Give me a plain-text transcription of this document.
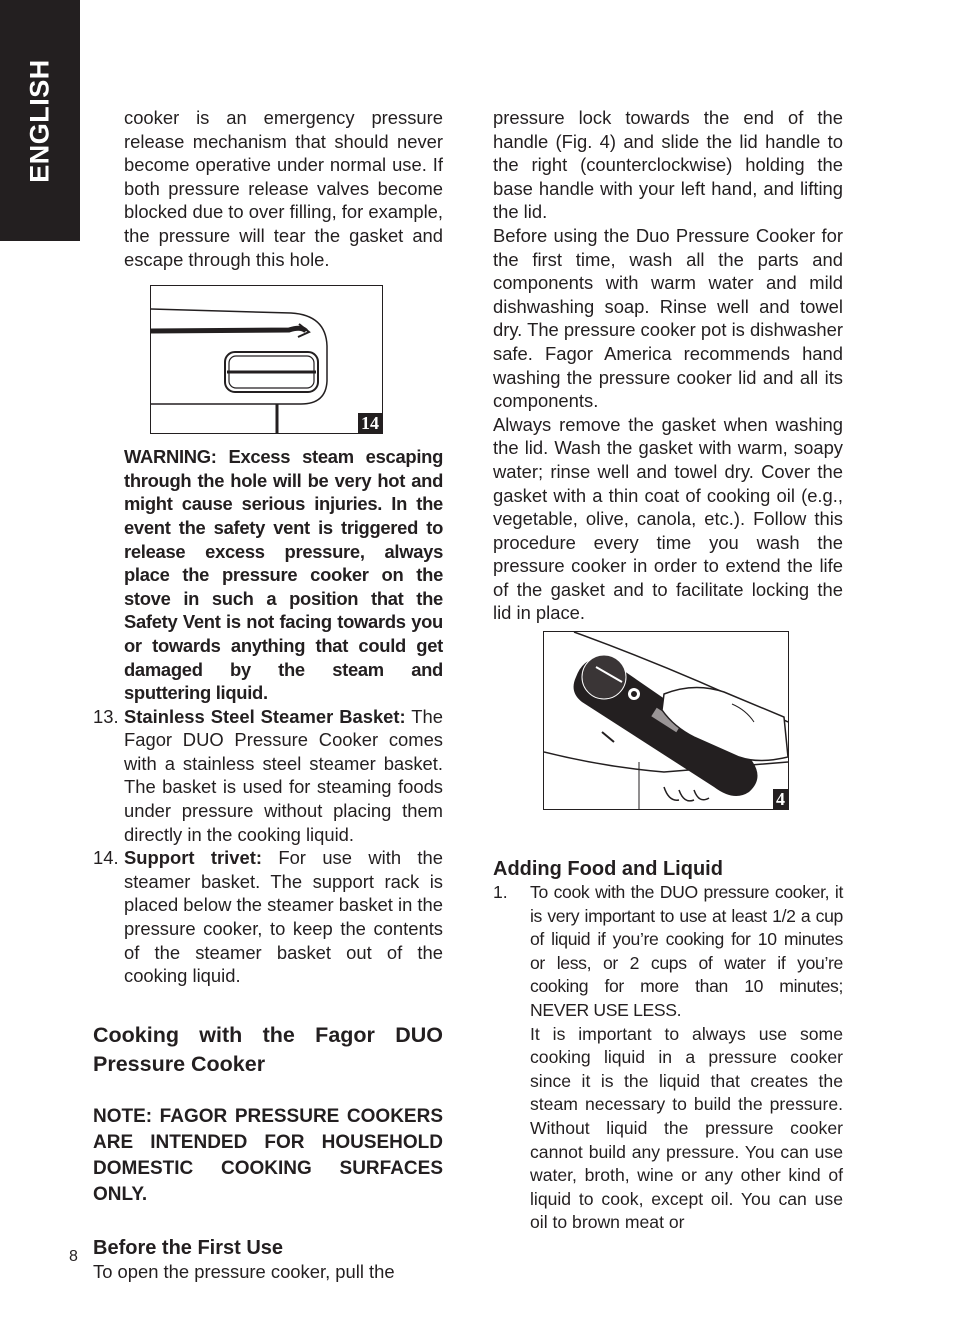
ENGLISH
8

cooker is an emergency pressure release mechanism that should never become operative under normal use. If both pressure release valves become blocked due to over filling, for example, the pressure will tear the gasket and escape through this hole.

14

WARNING: Excess steam escaping through the hole will be very hot and might cause serious injuries. In the event the safety vent is triggered to release excess pressure, always place the pressure cooker on the stove in such a position that the Safety Vent is not facing towards you or towards anything that could get damaged by the steam and sputtering liquid.

13. Stainless Steel Steamer Basket: The Fagor DUO Pressure Cooker comes with a stainless steel steamer basket. The basket is used for steaming foods under pressure without placing them directly in the cooking liquid.
14. Support trivet: For use with the steamer basket. The support rack is placed below the steamer basket in the pressure cooker, to keep the contents of the steamer basket out of the cooking liquid.
Cooking with the Fagor DUO Pressure Cooker

NOTE: FAGOR PRESSURE COOKERS ARE INTENDED FOR HOUSEHOLD DOMESTIC COOKING SURFACES ONLY.

Before the First Use

To open the pressure cooker, pull the

pressure lock towards the end of the handle (Fig. 4) and slide the lid handle to the right (counterclockwise) holding the base handle with your left hand, and lifting the lid.

Before using the Duo Pressure Cooker for the first time, wash all the parts and components with warm water and mild dishwashing soap. Rinse well and towel dry. The pressure cooker pot is dishwasher safe. Fagor America recommends hand washing the pressure cooker lid and all its components.

Always remove the gasket when washing the lid. Wash the gasket with warm, soapy water; rinse well and towel dry. Cover the gasket with a thin coat of cooking oil (e.g., vegetable, olive, canola, etc.). Follow this procedure every time you wash the pressure cooker in order to extend the life of the gasket and to facilitate locking the lid in place.

4
Adding Food and Liquid
1.	To cook with the DUO pressure cooker, it is very important to use at least 1/2 a cup of liquid if you’re cooking for 10 minutes or less, or 2 cups of water if you’re cooking for more than 10 minutes; NEVER USE LESS.
It is important to always use some cooking liquid in a pressure cooker since it is the liquid that creates the steam necessary to build the pressure. Without liquid the pressure cooker cannot build any pressure. You can use water, broth, wine or any other kind of liquid to cook, except oil. You can use oil to brown meat or
